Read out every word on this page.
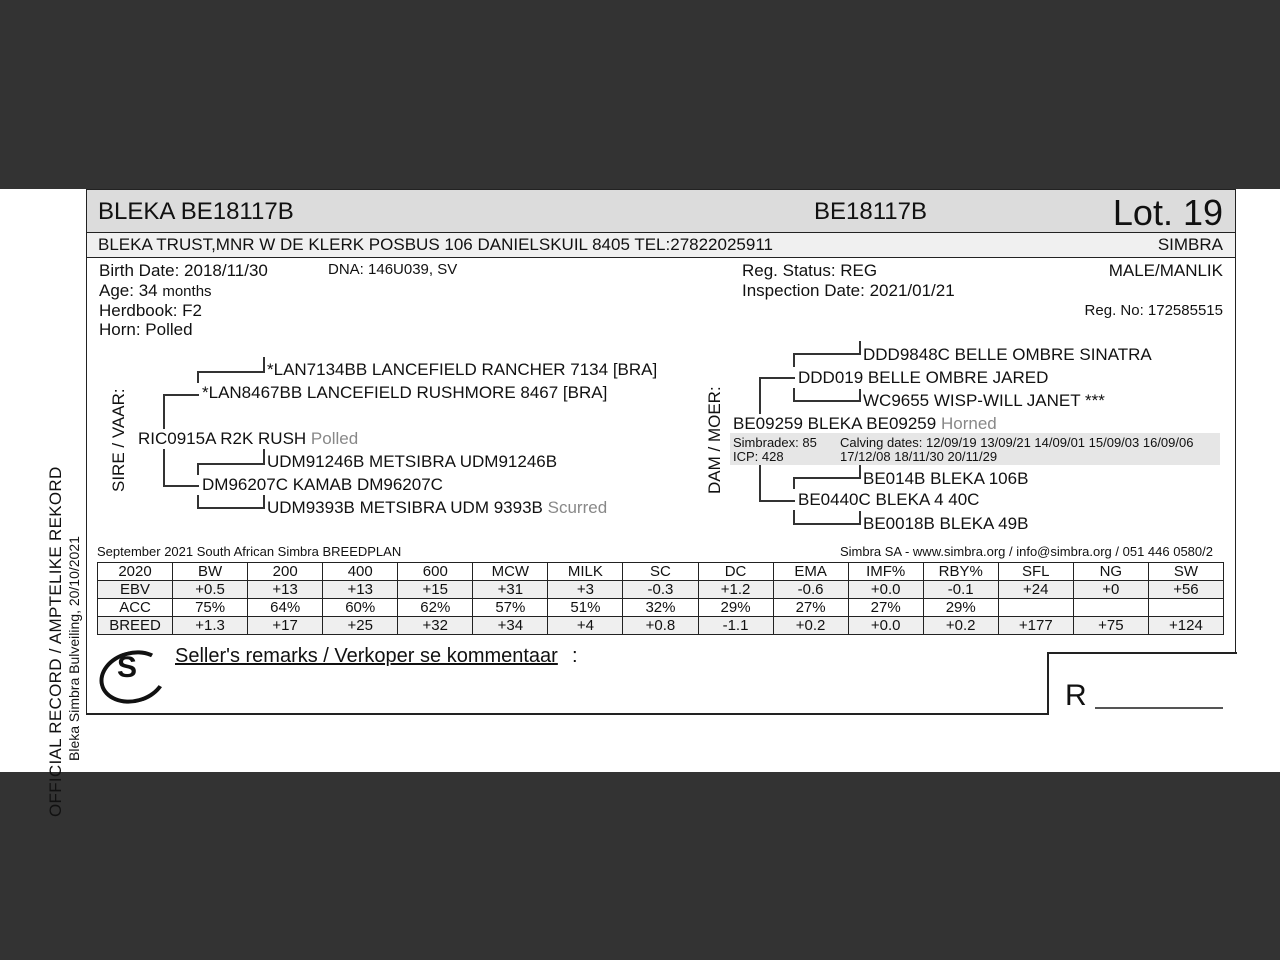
OFFICIAL RECORD / AMPTELIKE REKORD Bleka Simbra Bulveiling, 20/10/2021
BLEKA BE18117B	BE18117B	Lot. 19
BLEKA TRUST,MNR W DE KLERK POSBUS 106 DANIELSKUIL 8405 TEL:27822025911	SIMBRA
Birth Date: 2018/11/30	DNA: 146U039, SV
Age: 34 months
Herdbook: F2
Horn: Polled
Reg. Status: REG
Inspection Date: 2021/01/21
MALE/MANLIK
Reg. No: 172585515
SIRE / VAAR: RIC0915A R2K RUSH Polled
*LAN8467BB LANCEFIELD RUSHMORE 8467 [BRA]
*LAN7134BB LANCEFIELD RANCHER 7134 [BRA]
UDM91246B METSIBRA UDM91246B
DM96207C KAMAB DM96207C
UDM9393B METSIBRA UDM 9393B Scurred
DAM / MOER: BE09259 BLEKA BE09259 Horned
DDD019 BELLE OMBRE JARED
DDD9848C BELLE OMBRE SINATRA
WC9655 WISP-WILL JANET ***
BE0440C BLEKA 4 40C
BE014B BLEKA 106B
BE0018B BLEKA 49B
Simbradex: 85
ICP: 428
Calving dates: 12/09/19 13/09/21 14/09/01 15/09/03 16/09/06
17/12/08 18/11/30 20/11/29
September 2021 South African Simbra BREEDPLAN	Simbra SA - www.simbra.org / info@simbra.org / 051 446 0580/2
2020	BW	200	400	600	MCW	MILK	SC	DC	EMA	IMF%	RBY%	SFL	NG	SW
EBV	+0.5	+13	+13	+15	+31	+3	-0.3	+1.2	-0.6	+0.0	-0.1	+24	+0	+56
ACC	75%	64%	60%	62%	57%	51%	32%	29%	27%	27%	29%			
BREED	+1.3	+17	+25	+32	+34	+4	+0.8	-1.1	+0.2	+0.0	+0.2	+177	+75	+124
S Seller's remarks / Verkoper se kommentaar :
R
